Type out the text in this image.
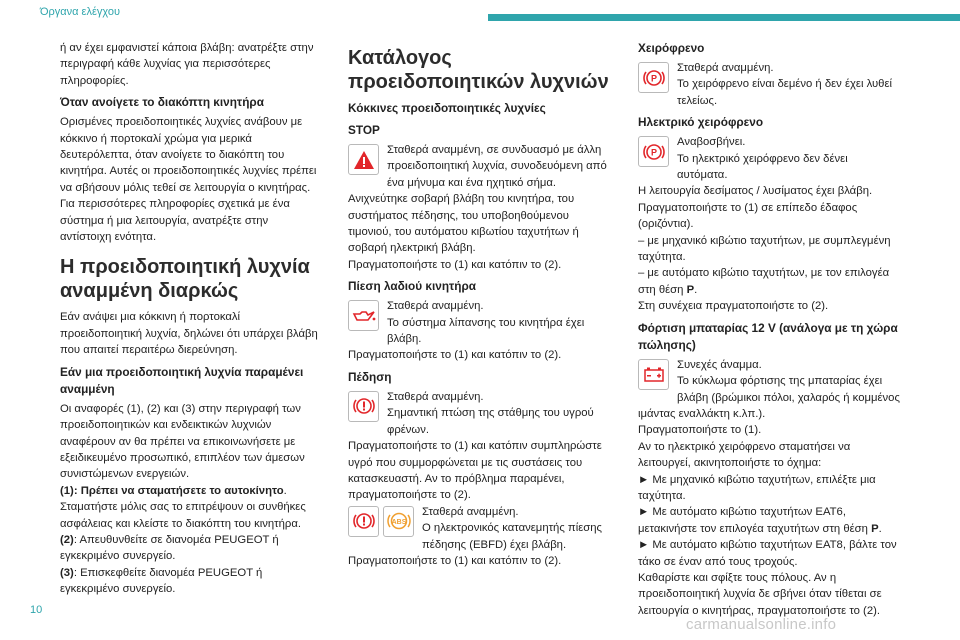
Όργανα ελέγχου

ή αν έχει εμφανιστεί κάποια βλάβη: ανατρέξτε στην περιγραφή κάθε λυχνίας για περισσότερες πληροφορίες.

Όταν ανοίγετε το διακόπτη κινητήρα

Ορισμένες προειδοποιητικές λυχνίες ανάβουν με κόκκινο ή πορτοκαλί χρώμα για μερικά δευτερόλεπτα, όταν ανοίγετε το διακόπτη του κινητήρα. Αυτές οι προειδοποιητικές λυχνίες πρέπει να σβήσουν μόλις τεθεί σε λειτουργία ο κινητήρας.

Για περισσότερες πληροφορίες σχετικά με ένα σύστημα ή μια λειτουργία, ανατρέξτε στην αντίστοιχη ενότητα.

Η προειδοποιητική λυχνία αναμμένη διαρκώς

Εάν ανάψει μια κόκκινη ή πορτοκαλί προειδοποιητική λυχνία, δηλώνει ότι υπάρχει βλάβη που απαιτεί περαιτέρω διερεύνηση.

Εάν μια προειδοποιητική λυχνία παραμένει αναμμένη

Οι αναφορές (1), (2) και (3) στην περιγραφή των προειδοποιητικών και ενδεικτικών λυχνιών αναφέρουν αν θα πρέπει να επικοινωνήσετε με εξειδικευμένο προσωπικό, επιπλέον των άμεσων συνιστώμενων ενεργειών.

(1): Πρέπει να σταματήσετε το αυτοκίνητο. Σταματήστε μόλις σας το επιτρέψουν οι συνθήκες ασφάλειας και κλείστε το διακόπτη του κινητήρα.

(2): Απευθυνθείτε σε διανομέα PEUGEOT ή εγκεκριμένο συνεργείο.

(3): Επισκεφθείτε διανομέα PEUGEOT ή εγκεκριμένο συνεργείο.

Κατάλογος προειδοποιητικών λυχνιών
Κόκκινες προειδοποιητικές λυχνίες
STOP

Σταθερά αναμμένη, σε συνδυασμό με άλλη προειδοποιητική λυχνία, συνοδευόμενη από ένα μήνυμα και ένα ηχητικό σήμα.

Ανιχνεύτηκε σοβαρή βλάβη του κινητήρα, του συστήματος πέδησης, του υποβοηθούμενου τιμονιού, του αυτόματου κιβωτίου ταχυτήτων ή σοβαρή ηλεκτρική βλάβη.

Πραγματοποιήστε το (1) και κατόπιν το (2).

Πίεση λαδιού κινητήρα

Σταθερά αναμμένη.

Το σύστημα λίπανσης του κινητήρα έχει βλάβη.

Πραγματοποιήστε το (1) και κατόπιν το (2).

Πέδηση

Σταθερά αναμμένη.

Σημαντική πτώση της στάθμης του υγρού φρένων.

Πραγματοποιήστε το (1) και κατόπιν συμπληρώστε υγρό που συμμορφώνεται με τις συστάσεις του κατασκευαστή. Αν το πρόβλημα παραμένει, πραγματοποιήστε το (2).

ABS

Σταθερά αναμμένη.

Ο ηλεκτρονικός κατανεμητής πίεσης πέδησης (EBFD) έχει βλάβη.

Πραγματοποιήστε το (1) και κατόπιν το (2).

Χειρόφρενο
P

Σταθερά αναμμένη.

Το χειρόφρενο είναι δεμένο ή δεν έχει λυθεί τελείως.

Ηλεκτρικό χειρόφρενο
P

Αναβοσβήνει.

Το ηλεκτρικό χειρόφρενο δεν δένει αυτόματα.

Η λειτουργία δεσίματος / λυσίματος έχει βλάβη.

Πραγματοποιήστε το (1) σε επίπεδο έδαφος (οριζόντια).

– με μηχανικό κιβώτιο ταχυτήτων, με συμπλεγμένη ταχύτητα.

– με αυτόματο κιβώτιο ταχυτήτων, με τον επιλογέα στη θέση P.

Στη συνέχεια πραγματοποιήστε το (2).

Φόρτιση μπαταρίας 12 V (ανάλογα με τη χώρα πώλησης)

Συνεχές άναμμα.

Το κύκλωμα φόρτισης της μπαταρίας έχει βλάβη (βρώμικοι πόλοι, χαλαρός ή κομμένος ιμάντας εναλλάκτη κ.λπ.).

Πραγματοποιήστε το (1).

Αν το ηλεκτρικό χειρόφρενο σταματήσει να λειτουργεί, ακινητοποιήστε το όχημα:

► Με μηχανικό κιβώτιο ταχυτήτων, επιλέξτε μια ταχύτητα.

► Με αυτόματο κιβώτιο ταχυτήτων EAT6, μετακινήστε τον επιλογέα ταχυτήτων στη θέση P.

► Με αυτόματο κιβώτιο ταχυτήτων EAT8, βάλτε τον τάκο σε έναν από τους τροχούς.

Καθαρίστε και σφίξτε τους πόλους. Αν η προειδοποιητική λυχνία δε σβήνει όταν τίθεται σε λειτουργία ο κινητήρας, πραγματοποιήστε το (2).

10
carmanualsonline.info
